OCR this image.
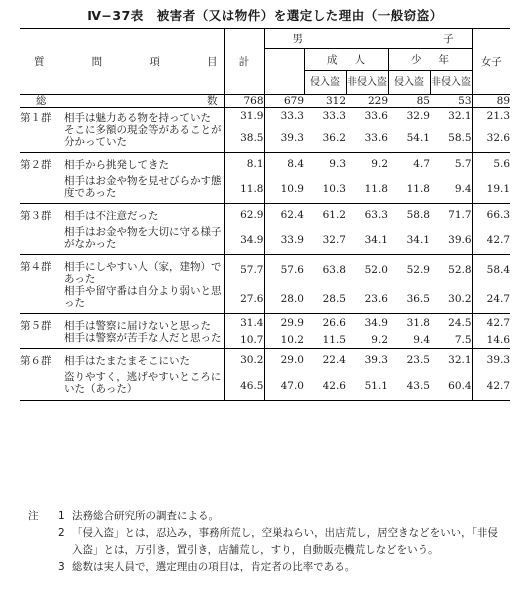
Ⅳ−37表　被害者（又は物件）を選定した理由（一般窃盗）
質 問 項 目		計	男 子					女子

				成 人		少 年		

				侵入盗	非侵入盗	侵入盗	非侵入盗	

総 数		768	679	312	229	85	53	89
第１群	相手は魅力ある物を持っていた	31.9	33.3	33.3	33.6	32.9	32.1	21.3
	そこに多額の現金等があることが分かっていた	38.5	39.3	36.2	33.6	54.1	58.5	32.6
第２群	相手から挑発してきた	8.1	8.4	9.3	9.2	4.7	5.7	5.6
	相手はお金や物を見せびらかす態度であった	11.8	10.9	10.3	11.8	11.8	9.4	19.1
第３群	相手は不注意だった	62.9	62.4	61.2	63.3	58.8	71.7	66.3
	相手はお金や物を大切に守る様子がなかった	34.9	33.9	32.7	34.1	34.1	39.6	42.7
第４群	相手にしやすい人（家，建物）であった	57.7	57.6	63.8	52.0	52.9	52.8	58.4
	相手や留守番は自分より弱いと思った	27.6	28.0	28.5	23.6	36.5	30.2	24.7
第５群	相手は警察に届けないと思った	31.4	29.9	26.6	34.9	31.8	24.5	42.7
	相手は警察が苦手な人だと思った	10.7	10.2	11.5	9.2	9.4	7.5	14.6
第６群	相手はたまたまそこにいた	30.2	29.0	22.4	39.3	23.5	32.1	39.3
	盗りやすく，逃げやすいところにいた（あった）	46.5	47.0	42.6	51.1	43.5	60.4	42.7
注	1 法務総合研究所の調査による。
2 「侵入盗」とは，忍込み，事務所荒し，空巣ねらい，出店荒し，居空きなどをいい，「非侵入盗」とは，万引き，置引き，店舗荒し，すり，自動販売機荒しなどをいう。
3 総数は実人員で，選定理由の項目は，肯定者の比率である。
